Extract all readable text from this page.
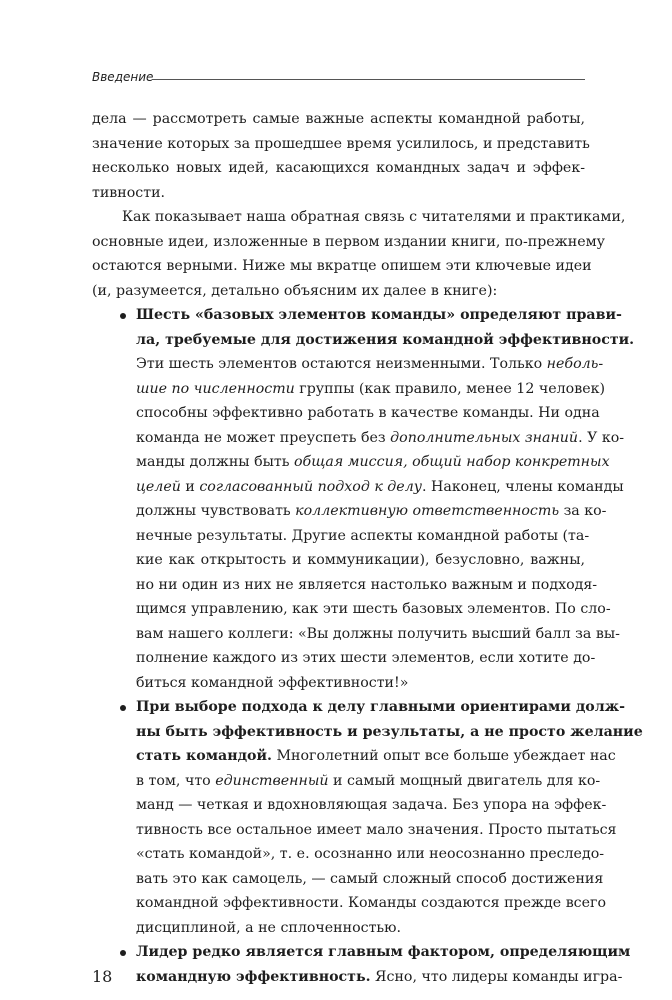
Введение
дела — рассмотреть самые важные аспекты командной работы,
значение которых за прошедшее время усилилось, и представить
несколько новых идей, касающихся командных задач и эффек-
тивности.
Как показывает наша обратная связь с читателями и практиками,
основные идеи, изложенные в первом издании книги, по-прежнему
остаются верными. Ниже мы вкратце опишем эти ключевые идеи
(и, разумеется, детально объясним их далее в книге):
Шесть «базовых элементов команды» определяют прави-
ла, требуемые для достижения командной эффективности.
Эти шесть элементов остаются неизменными. Только неболь-
шие по численности группы (как правило, менее 12 человек)
способны эффективно работать в качестве команды. Ни одна
команда не может преуспеть без дополнительных знаний. У ко-
манды должны быть общая миссия, общий набор конкретных
целей и согласованный подход к делу. Наконец, члены команды
должны чувствовать коллективную ответственность за ко-
нечные результаты. Другие аспекты командной работы (та-
кие как открытость и коммуникации), безусловно, важны,
но ни один из них не является настолько важным и подходя-
щимся управлению, как эти шесть базовых элементов. По сло-
вам нашего коллеги: «Вы должны получить высший балл за вы-
полнение каждого из этих шести элементов, если хотите до-
биться командной эффективности!»
При выборе подхода к делу главными ориентирами долж-
ны быть эффективность и результаты, а не просто желание
стать командой. Многолетний опыт все больше убеждает нас
в том, что единственный и самый мощный двигатель для ко-
манд — четкая и вдохновляющая задача. Без упора на эффек-
тивность все остальное имеет мало значения. Просто пытаться
«стать командой», т. е. осознанно или неосознанно преследо-
вать это как самоцель, — самый сложный способ достижения
командной эффективности. Команды создаются прежде всего
дисциплиной, а не сплоченностью.
18
Лидер редко является главным фактором, определяющим
командную эффективность. Ясно, что лидеры команды игра-
